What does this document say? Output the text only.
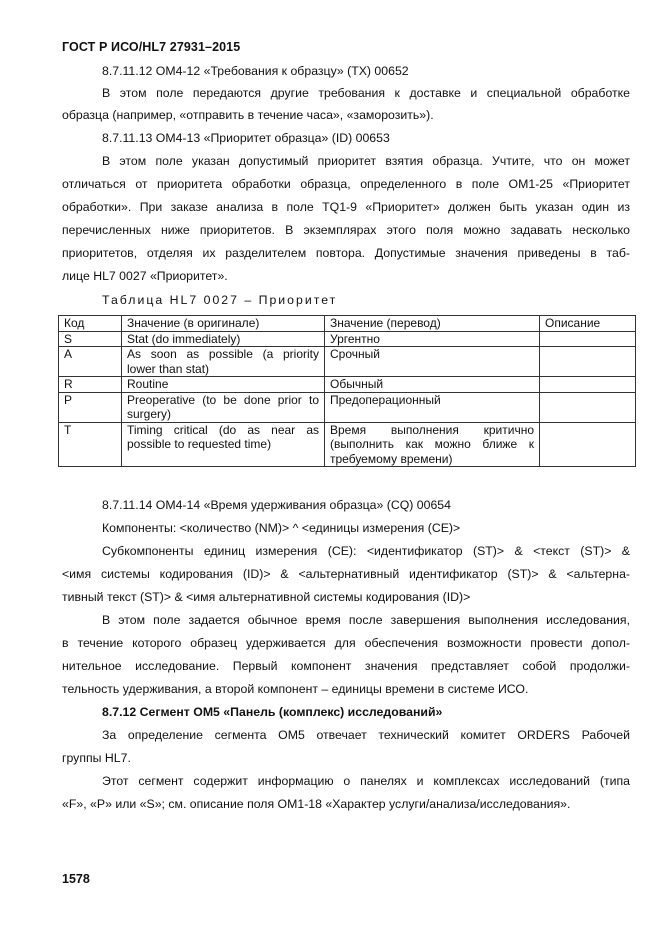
ГОСТ Р ИСО/HL7 27931–2015
8.7.11.12 OM4-12 «Требования к образцу» (TX) 00652
В этом поле передаются другие требования к доставке и специальной обработке
образца (например, «отправить в течение часа», «заморозить»).
8.7.11.13 OM4-13 «Приоритет образца» (ID) 00653
В этом поле указан допустимый приоритет взятия образца. Учтите, что он может
отличаться от приоритета обработки образца, определенного в поле OM1-25 «Приоритет
обработки». При заказе анализа в поле TQ1-9 «Приоритет» должен быть указан один из
перечисленных ниже приоритетов. В экземплярах этого поля можно задавать несколько
приоритетов, отделяя их разделителем повтора. Допустимые значения приведены в таб-
лице HL7 0027 «Приоритет».
Таблица HL7 0027 – Приоритет
Код	Значение (в оригинале)	Значение (перевод)	Описание
S	Stat (do immediately)	Ургентно	
A	As soon as possible (a priority lower than stat)	Срочный	
R	Routine	Обычный	
P	Preoperative (to be done prior to surgery)	Предоперационный	
T	Timing critical (do as near as possible to requested time)	Время выполнения критично (выполнить как можно ближе к требуемому времени)	
8.7.11.14 OM4-14 «Время удерживания образца» (CQ) 00654
Компоненты: <количество (NM)> ^ <единицы измерения (CE)>
Субкомпоненты единиц измерения (CE): <идентификатор (ST)> & <текст (ST)> &
<имя системы кодирования (ID)> & <альтернативный идентификатор (ST)> & <альтерна-
тивный текст (ST)> & <имя альтернативной системы кодирования (ID)>
В этом поле задается обычное время после завершения выполнения исследования,
в течение которого образец удерживается для обеспечения возможности провести допол-
нительное исследование. Первый компонент значения представляет собой продолжи-
тельность удерживания, а второй компонент – единицы времени в системе ИСО.
8.7.12 Сегмент OM5 «Панель (комплекс) исследований»
За определение сегмента OM5 отвечает технический комитет ORDERS Рабочей
группы HL7.
Этот сегмент содержит информацию о панелях и комплексах исследований (типа
«F», «P» или «S»; см. описание поля OM1-18 «Характер услуги/анализа/исследования».
1578
